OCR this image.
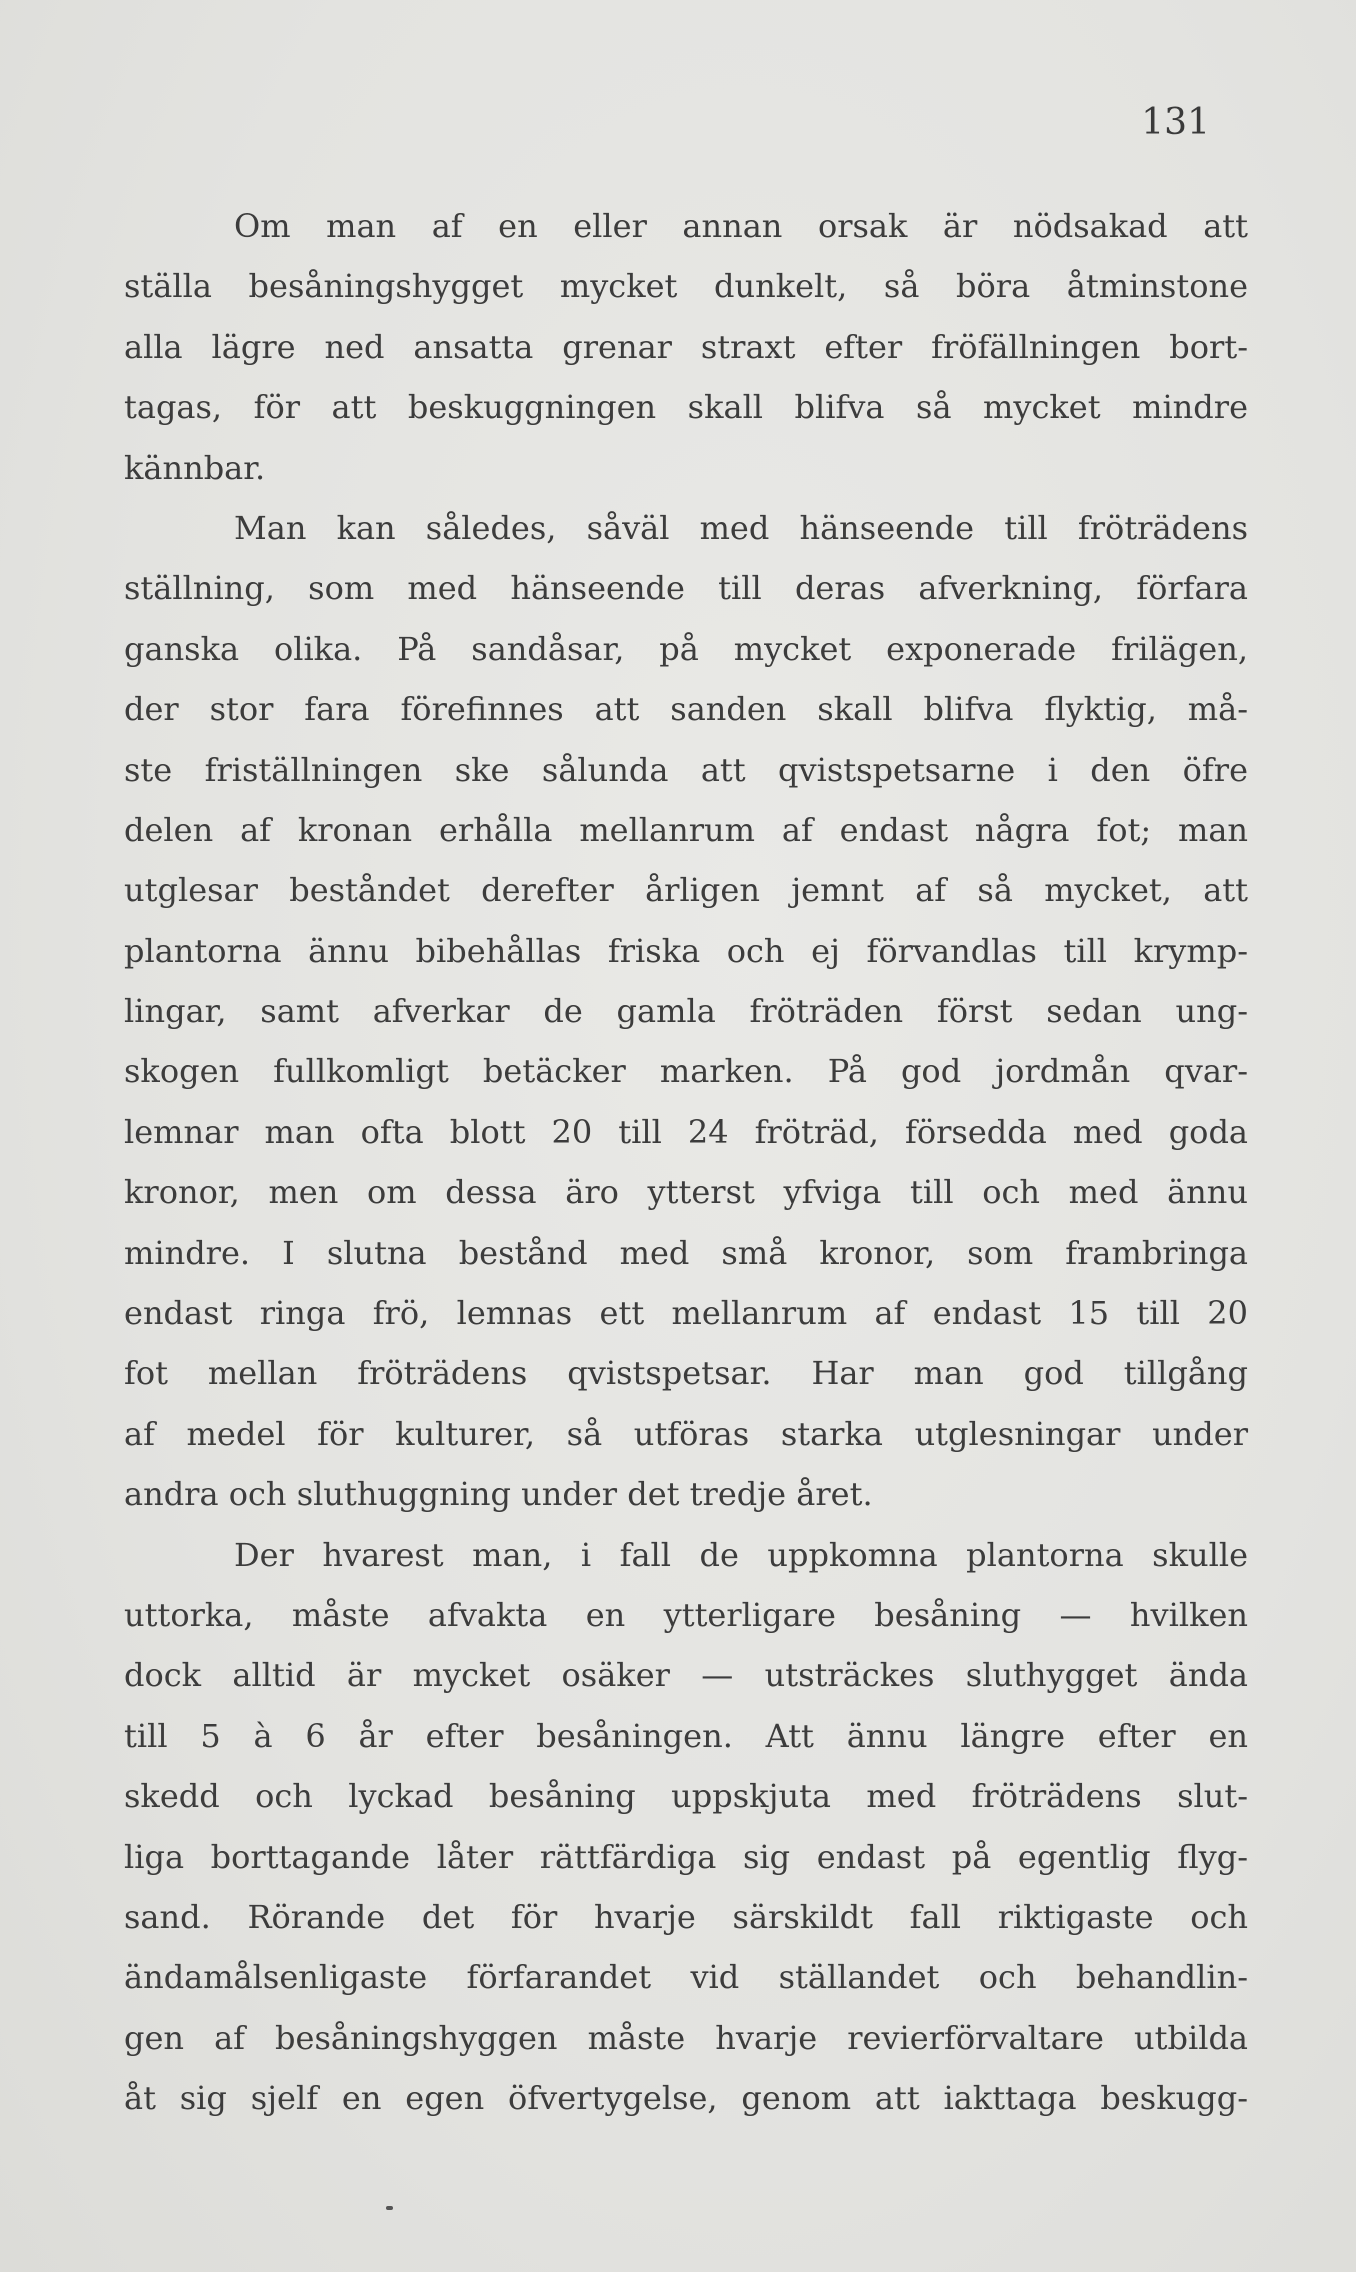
131

Om man af en eller annan orsak är nödsakad att
ställa besåningshygget mycket dunkelt, så böra åtminstone
alla lägre ned ansatta grenar straxt efter fröfällningen bort-
tagas, för att beskuggningen skall blifva så mycket mindre
kännbar.

Man kan således, såväl med hänseende till fröträdens
ställning, som med hänseende till deras afverkning, förfara
ganska olika. På sandåsar, på mycket exponerade frilägen,
der stor fara förefinnes att sanden skall blifva flyktig, må-
ste friställningen ske sålunda att qvistspetsarne i den öfre
delen af kronan erhålla mellanrum af endast några fot; man
utglesar beståndet derefter årligen jemnt af så mycket, att
plantorna ännu bibehållas friska och ej förvandlas till krymp-
lingar, samt afverkar de gamla fröträden först sedan ung-
skogen fullkomligt betäcker marken. På god jordmån qvar-
lemnar man ofta blott 20 till 24 fröträd, försedda med goda
kronor, men om dessa äro ytterst yfviga till och med ännu
mindre. I slutna bestånd med små kronor, som frambringa
endast ringa frö, lemnas ett mellanrum af endast 15 till 20
fot mellan fröträdens qvistspetsar. Har man god tillgång
af medel för kulturer, så utföras starka utglesningar under
andra och sluthuggning under det tredje året.

Der hvarest man, i fall de uppkomna plantorna skulle
uttorka, måste afvakta en ytterligare besåning — hvilken
dock alltid är mycket osäker — utsträckes sluthygget ända
till 5 à 6 år efter besåningen. Att ännu längre efter en
skedd och lyckad besåning uppskjuta med fröträdens slut-
liga borttagande låter rättfärdiga sig endast på egentlig flyg-
sand. Rörande det för hvarje särskildt fall riktigaste och
ändamålsenligaste förfarandet vid ställandet och behandlin-
gen af besåningshyggen måste hvarje revierförvaltare utbilda
åt sig sjelf en egen öfvertygelse, genom att iakttaga beskugg-
